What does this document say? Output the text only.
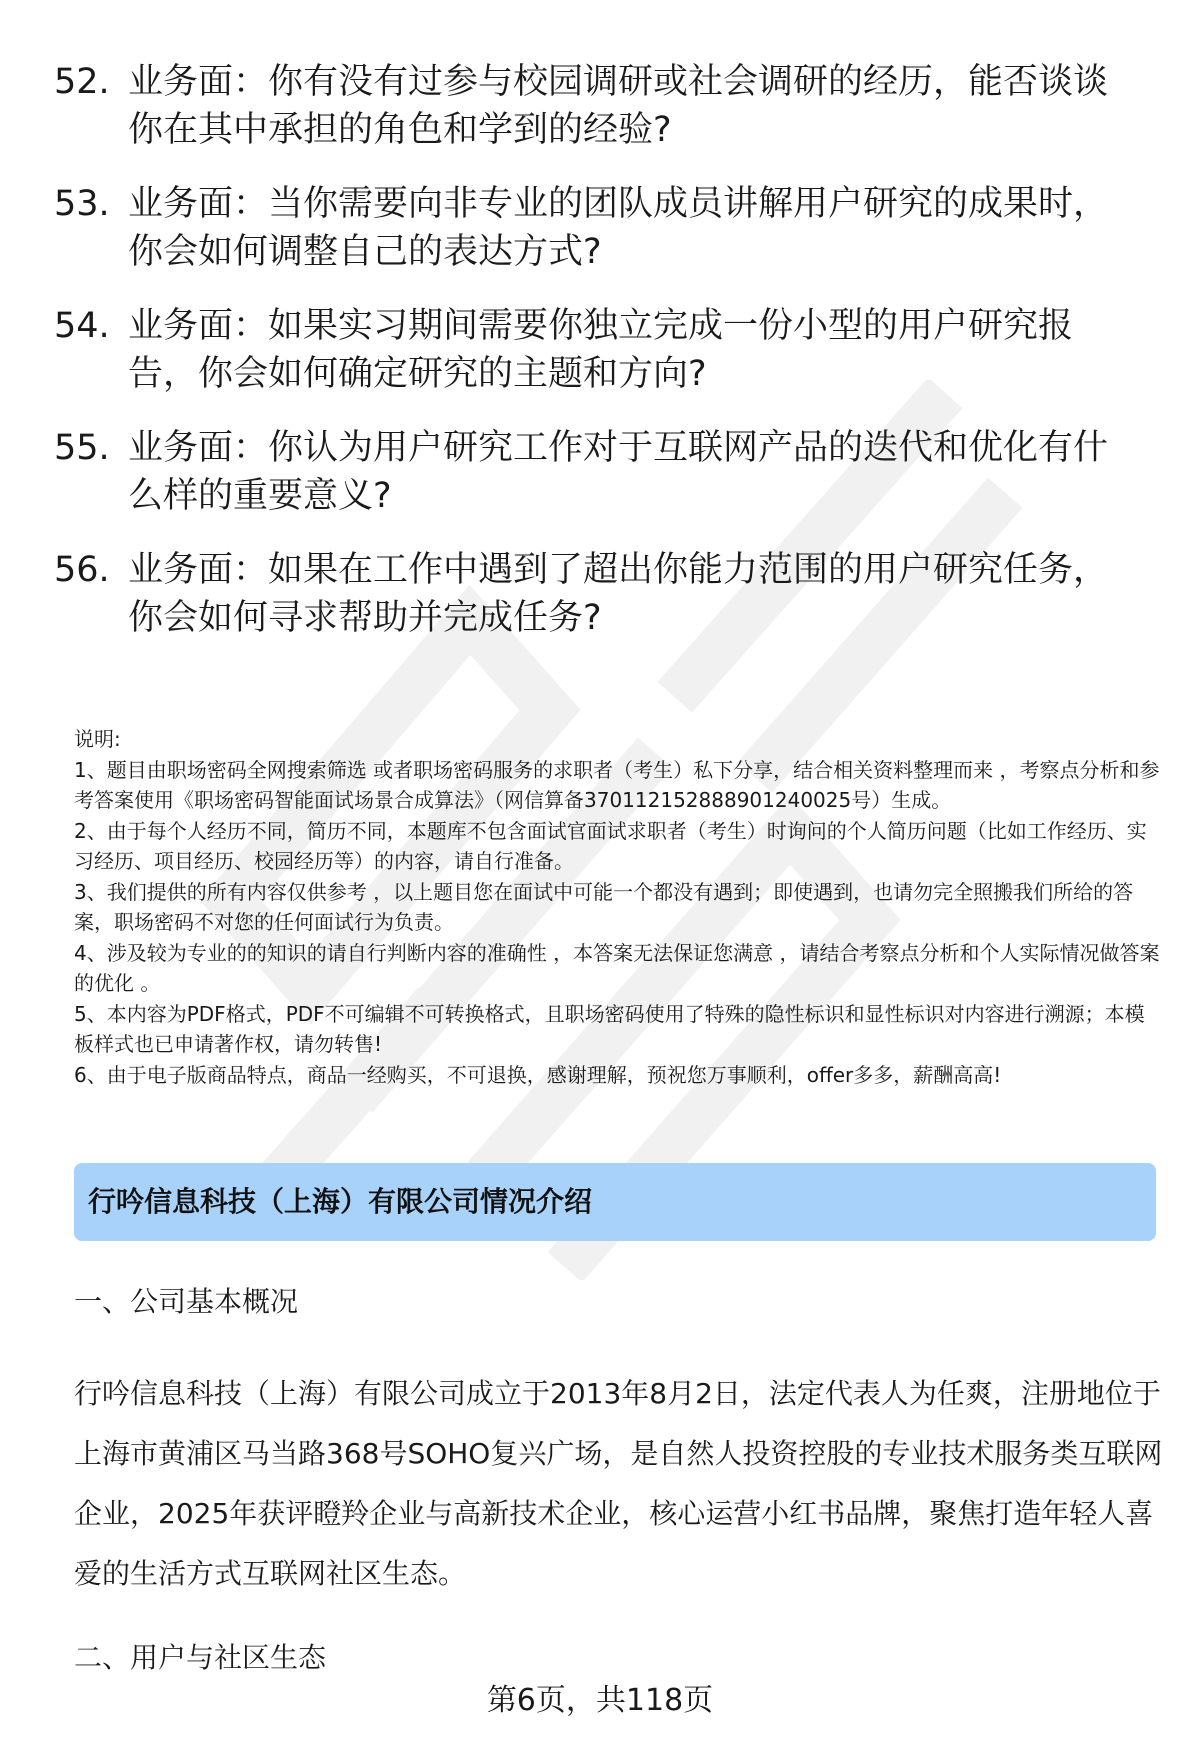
52. 业务面：你有没有过参与校园调研或社会调研的经历，能否谈谈你在其中承担的角色和学到的经验?
53. 业务面：当你需要向非专业的团队成员讲解用户研究的成果时，你会如何调整自己的表达方式?
54. 业务面：如果实习期间需要你独立完成一份小型的用户研究报告，你会如何确定研究的主题和方向?
55. 业务面：你认为用户研究工作对于互联网产品的迭代和优化有什么样的重要意义?
56. 业务面：如果在工作中遇到了超出你能力范围的用户研究任务，你会如何寻求帮助并完成任务?

说明:

1、题目由职场密码全网搜索筛选 或者职场密码服务的求职者（考生）私下分享，结合相关资料整理而来 ，考察点分析和参考答案使用《职场密码智能面试场景合成算法》（网信算备370112152888901240025号）生成。

2、由于每个人经历不同，简历不同，本题库不包含面试官面试求职者（考生）时询问的个人简历问题（比如工作经历、实习经历、项目经历、校园经历等）的内容，请自行准备。

3、我们提供的所有内容仅供参考 ，以上题目您在面试中可能一个都没有遇到；即使遇到，也请勿完全照搬我们所给的答案，职场密码不对您的任何面试行为负责。

4、涉及较为专业的的知识的请自行判断内容的准确性 ，本答案无法保证您满意 ，请结合考察点分析和个人实际情况做答案的优化 。

5、本内容为PDF格式，PDF不可编辑不可转换格式，且职场密码使用了特殊的隐性标识和显性标识对内容进行溯源；本模板样式也已申请著作权，请勿转售!

6、由于电子版商品特点，商品一经购买，不可退换，感谢理解，预祝您万事顺利，offer多多，薪酬高高!

行吟信息科技（上海）有限公司情况介绍
一、公司基本概况
行吟信息科技（上海）有限公司成立于2013年8月2日，法定代表人为任爽，注册地位于上海市黄浦区马当路368号SOHO复兴广场，是自然人投资控股的专业技术服务类互联网企业，2025年获评瞪羚企业与高新技术企业，核心运营小红书品牌，聚焦打造年轻人喜爱的生活方式互联网社区生态。
二、用户与社区生态
第6页，共118页
